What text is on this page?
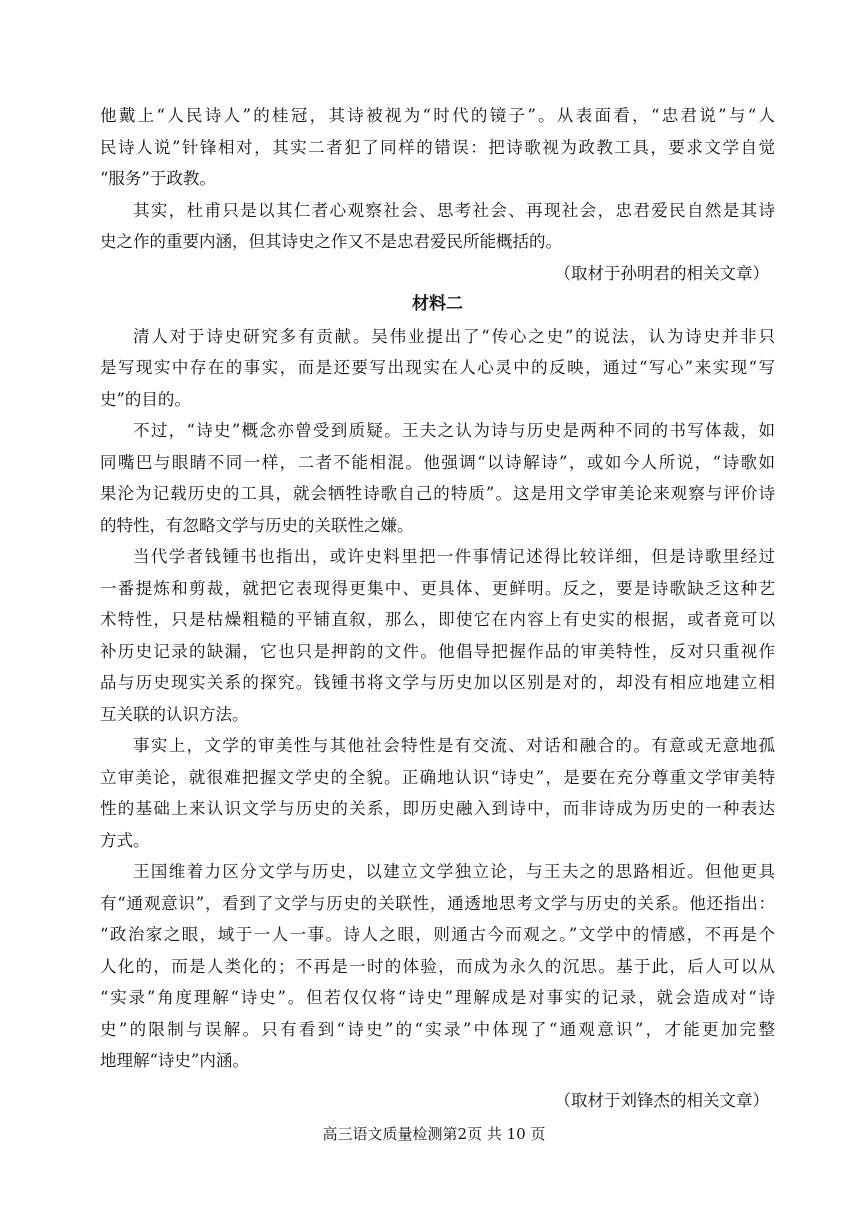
他戴上“人民诗人”的桂冠，其诗被视为“时代的镜子”。从表面看，“忠君说”与“人
民诗人说”针锋相对，其实二者犯了同样的错误：把诗歌视为政教工具，要求文学自觉
“服务”于政教。
其实，杜甫只是以其仁者心观察社会、思考社会、再现社会，忠君爱民自然是其诗
史之作的重要内涵，但其诗史之作又不是忠君爱民所能概括的。

（取材于孙明君的相关文章）

材料二

清人对于诗史研究多有贡献。吴伟业提出了“传心之史”的说法，认为诗史并非只
是写现实中存在的事实，而是还要写出现实在人心灵中的反映，通过“写心”来实现“写
史”的目的。
不过，“诗史”概念亦曾受到质疑。王夫之认为诗与历史是两种不同的书写体裁，如
同嘴巴与眼睛不同一样，二者不能相混。他强调“以诗解诗”，或如今人所说，“诗歌如
果沦为记载历史的工具，就会牺牲诗歌自己的特质”。这是用文学审美论来观察与评价诗
的特性，有忽略文学与历史的关联性之嫌。
当代学者钱锺书也指出，或许史料里把一件事情记述得比较详细，但是诗歌里经过
一番提炼和剪裁，就把它表现得更集中、更具体、更鲜明。反之，要是诗歌缺乏这种艺
术特性，只是枯燥粗糙的平铺直叙，那么，即使它在内容上有史实的根据，或者竟可以
补历史记录的缺漏，它也只是押韵的文件。他倡导把握作品的审美特性，反对只重视作
品与历史现实关系的探究。钱锺书将文学与历史加以区别是对的，却没有相应地建立相
互关联的认识方法。
事实上，文学的审美性与其他社会特性是有交流、对话和融合的。有意或无意地孤
立审美论，就很难把握文学史的全貌。正确地认识“诗史”，是要在充分尊重文学审美特
性的基础上来认识文学与历史的关系，即历史融入到诗中，而非诗成为历史的一种表达
方式。
王国维着力区分文学与历史，以建立文学独立论，与王夫之的思路相近。但他更具
有“通观意识”，看到了文学与历史的关联性，通透地思考文学与历史的关系。他还指出：
“政治家之眼，域于一人一事。诗人之眼，则通古今而观之。”文学中的情感，不再是个
人化的，而是人类化的；不再是一时的体验，而成为永久的沉思。基于此，后人可以从
“实录”角度理解“诗史”。但若仅仅将“诗史”理解成是对事实的记录，就会造成对“诗
史”的限制与误解。只有看到“诗史”的“实录”中体现了“通观意识”，才能更加完整
地理解“诗史”内涵。

（取材于刘锋杰的相关文章）

高三语文质量检测第2页 共 10 页
